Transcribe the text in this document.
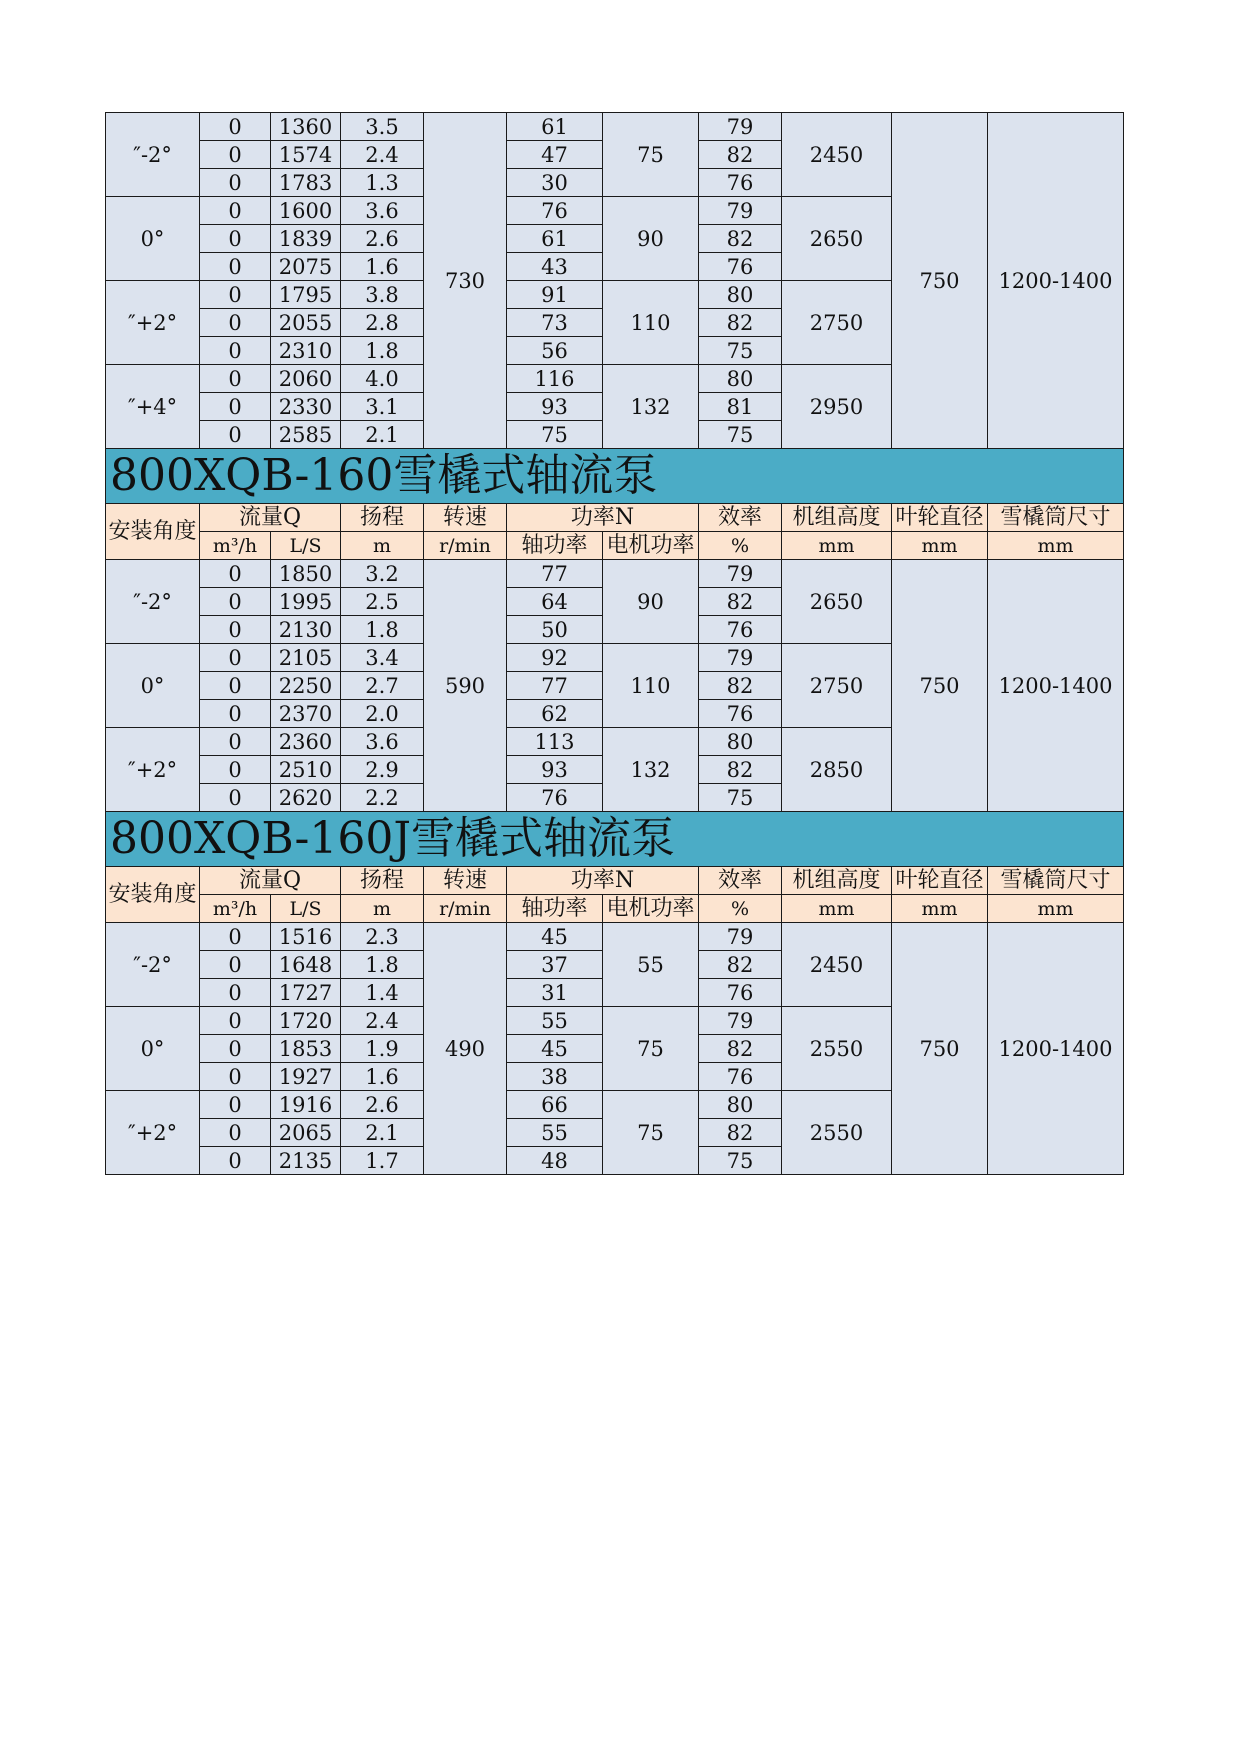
″-2°	0	1360	3.5	730	61	75	79	2450	750	1200-1400
	0	1574	2.4		47		82			
	0	1783	1.3		30		76			
0°	0	1600	3.6		76	90	79	2650		
	0	1839	2.6		61		82			
	0	2075	1.6		43		76			
″+2°	0	1795	3.8		91	110	80	2750		
	0	2055	2.8		73		82			
	0	2310	1.8		56		75			
″+4°	0	2060	4.0		116	132	80	2950		
	0	2330	3.1		93		81			
	0	2585	2.1		75		75			
800XQB-160雪橇式轴流泵										
安装角度	流量Q		扬程	转速	功率N		效率	机组高度	叶轮直径	雪橇筒尺寸
	m³/h	L/S	m	r/min	轴功率	电机功率	%	mm	mm	mm
″-2°	0	1850	3.2	590	77	90	79	2650	750	1200-1400
	0	1995	2.5		64		82			
	0	2130	1.8		50		76			
0°	0	2105	3.4		92	110	79	2750		
	0	2250	2.7		77		82			
	0	2370	2.0		62		76			
″+2°	0	2360	3.6		113	132	80	2850		
	0	2510	2.9		93		82			
	0	2620	2.2		76		75			
800XQB-160J雪橇式轴流泵										
安装角度	流量Q		扬程	转速	功率N		效率	机组高度	叶轮直径	雪橇筒尺寸
	m³/h	L/S	m	r/min	轴功率	电机功率	%	mm	mm	mm
″-2°	0	1516	2.3	490	45	55	79	2450	750	1200-1400
	0	1648	1.8		37		82			
	0	1727	1.4		31		76			
0°	0	1720	2.4		55	75	79	2550		
	0	1853	1.9		45		82			
	0	1927	1.6		38		76			
″+2°	0	1916	2.6		66	75	80	2550		
	0	2065	2.1		55		82			
	0	2135	1.7		48		75			
